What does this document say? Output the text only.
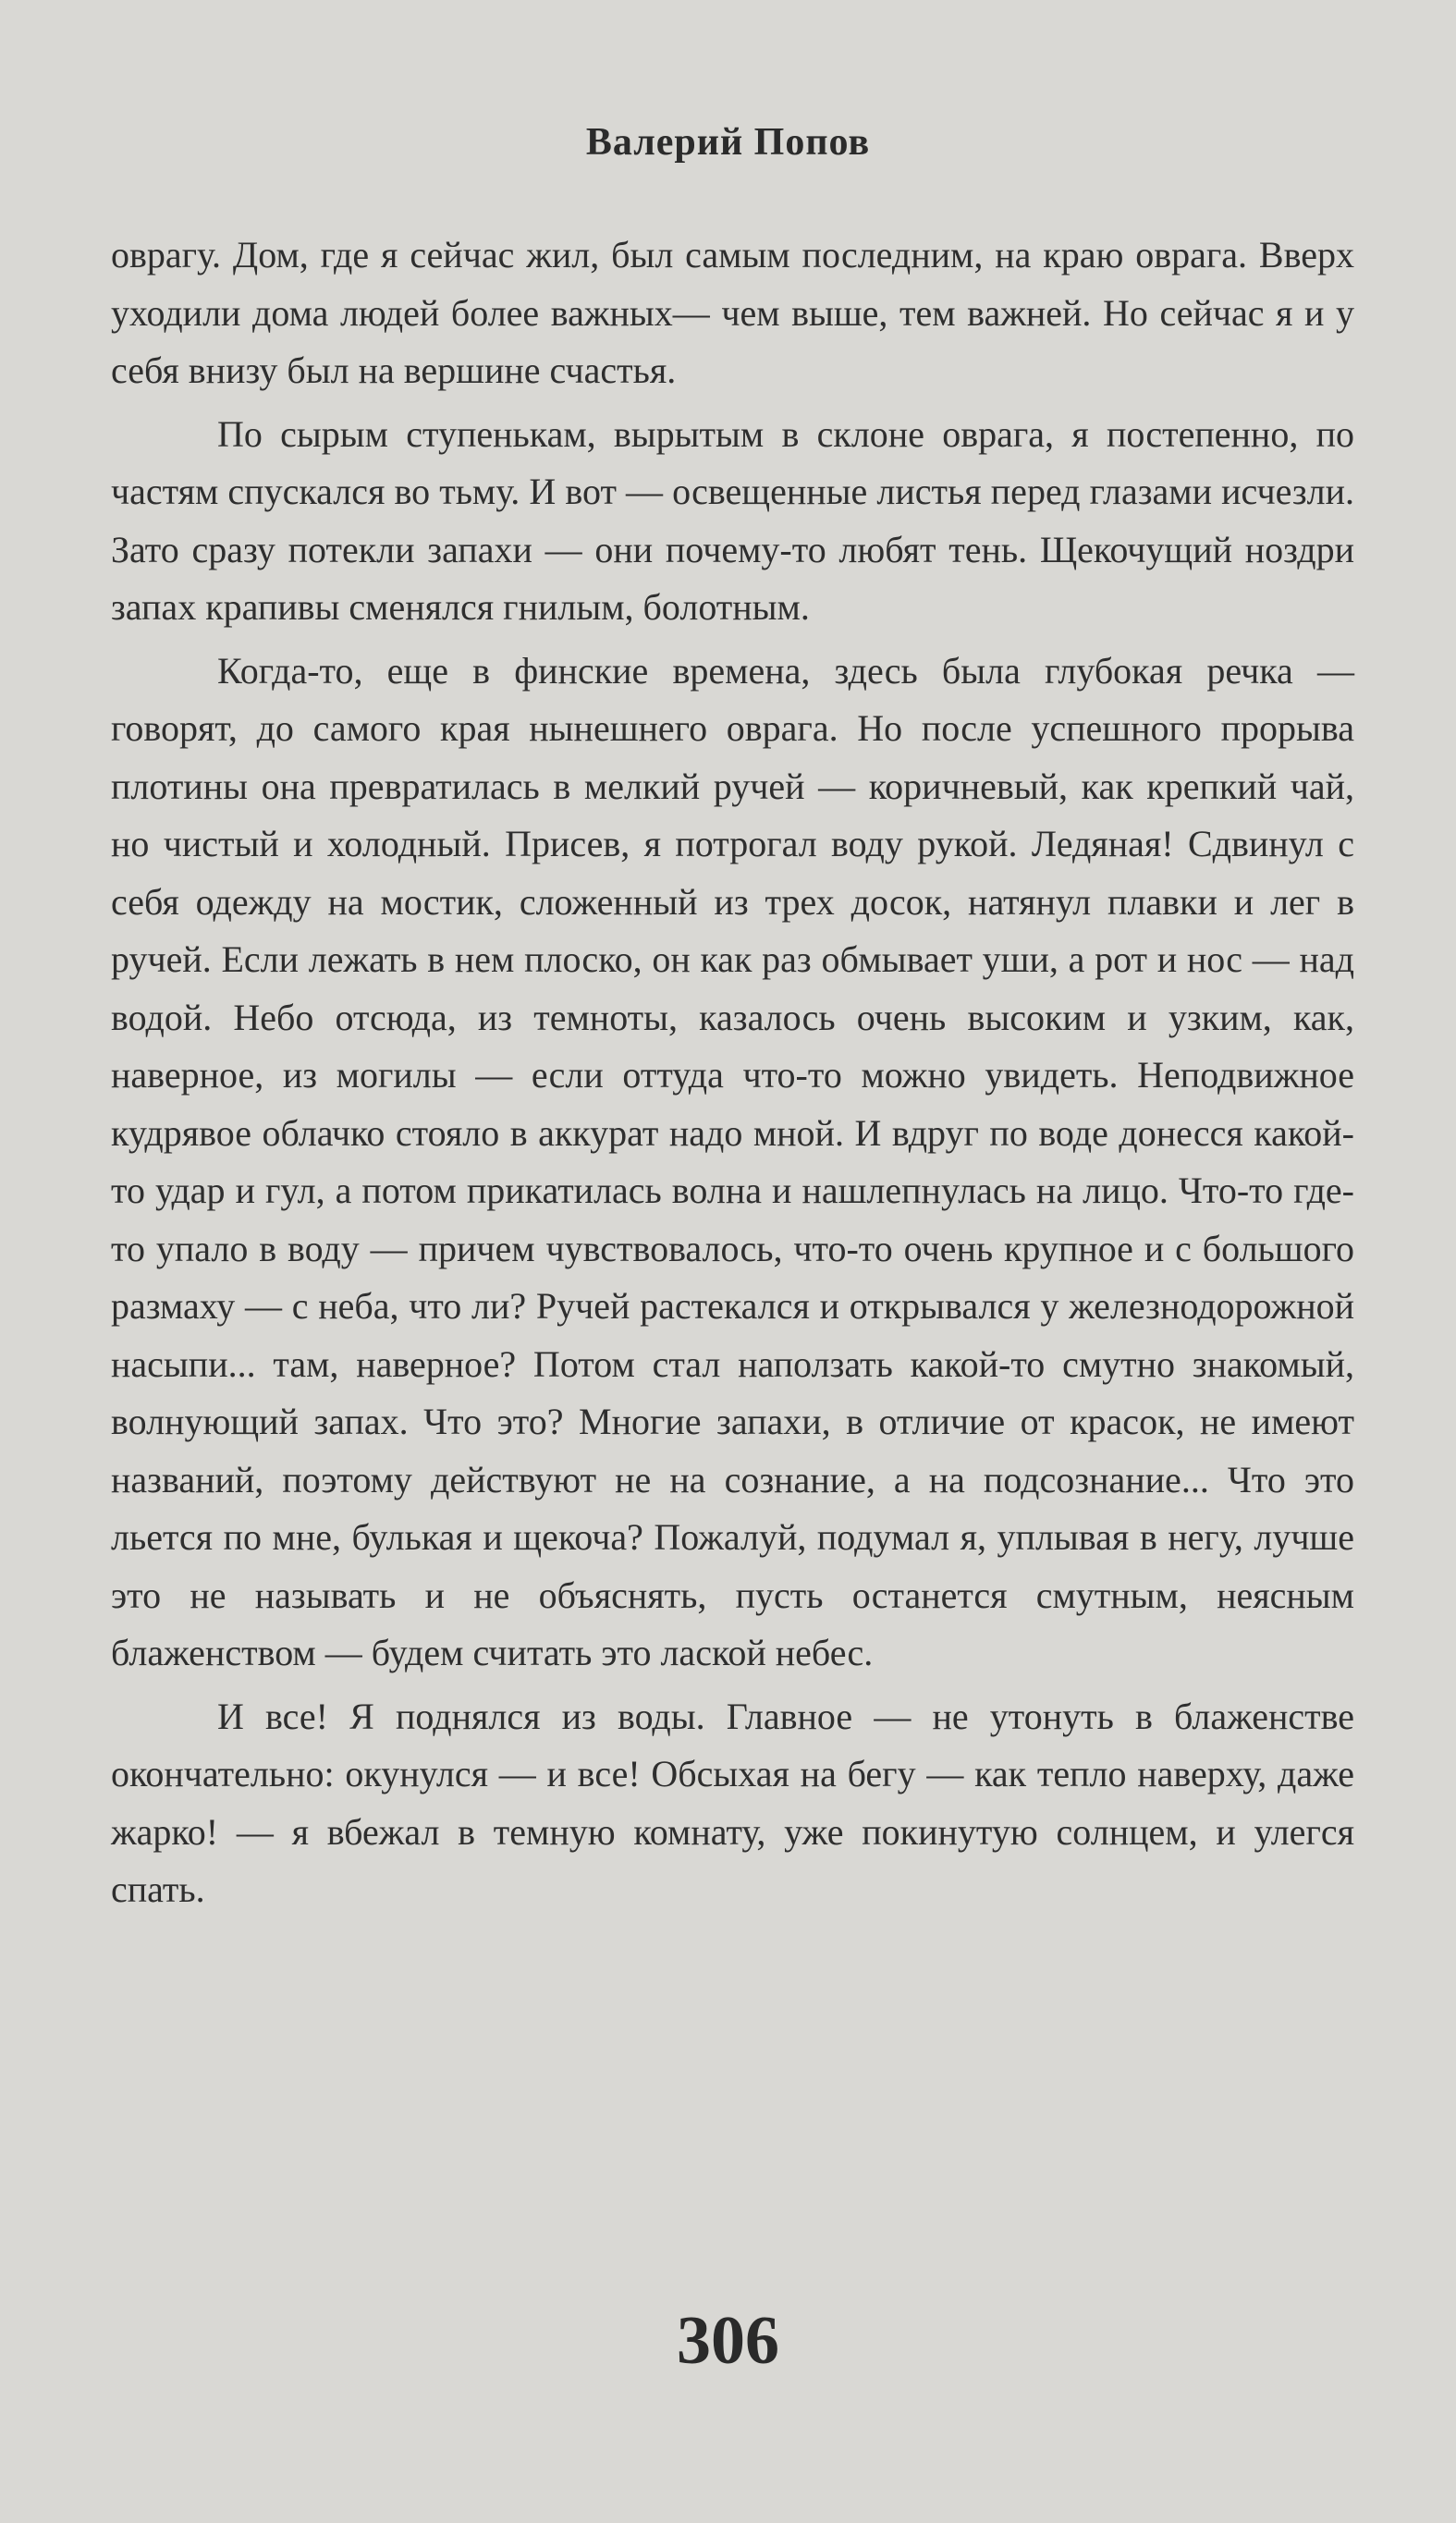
Валерий Попов

оврагу. Дом, где я сейчас жил, был самым последним, на краю оврага. Вверх уходили дома людей более важных— чем выше, тем важней. Но сейчас я и у себя внизу был на вершине счастья.

По сырым ступенькам, вырытым в склоне оврага, я постепенно, по частям спускался во тьму. И вот — освещенные листья перед глазами исчезли. Зато сразу потекли запахи — они почему-то любят тень. Щекочущий ноздри запах крапивы сменялся гнилым, болотным.

Когда-то, еще в финские времена, здесь была глубокая речка — говорят, до самого края нынешнего оврага. Но после успешного прорыва плотины она превратилась в мелкий ручей — коричневый, как крепкий чай, но чистый и холодный. Присев, я потрогал воду рукой. Ледяная! Сдвинул с себя одежду на мостик, сложенный из трех досок, натянул плавки и лег в ручей. Если лежать в нем плоско, он как раз обмывает уши, а рот и нос — над водой. Небо отсюда, из темноты, казалось очень высоким и узким, как, наверное, из могилы — если оттуда что-то можно увидеть. Неподвижное кудрявое облачко стояло в аккурат надо мной. И вдруг по воде донесся какой-то удар и гул, а потом прикатилась волна и нашлепнулась на лицо. Что-то где-то упало в воду — причем чувствовалось, что-то очень крупное и с большого размаху — с неба, что ли? Ручей растекался и открывался у железнодорожной насыпи... там, наверное? Потом стал наползать какой-то смутно знакомый, волнующий запах. Что это? Многие запахи, в отличие от красок, не имеют названий, поэтому действуют не на сознание, а на подсознание... Что это льется по мне, булькая и щекоча? Пожалуй, подумал я, уплывая в негу, лучше это не называть и не объяснять, пусть останется смутным, неясным блаженством — будем считать это лаской небес.

И все! Я поднялся из воды. Главное — не утонуть в блаженстве окончательно: окунулся — и все! Обсыхая на бегу — как тепло наверху, даже жарко! — я вбежал в темную комнату, уже покинутую солнцем, и улегся спать.

306
